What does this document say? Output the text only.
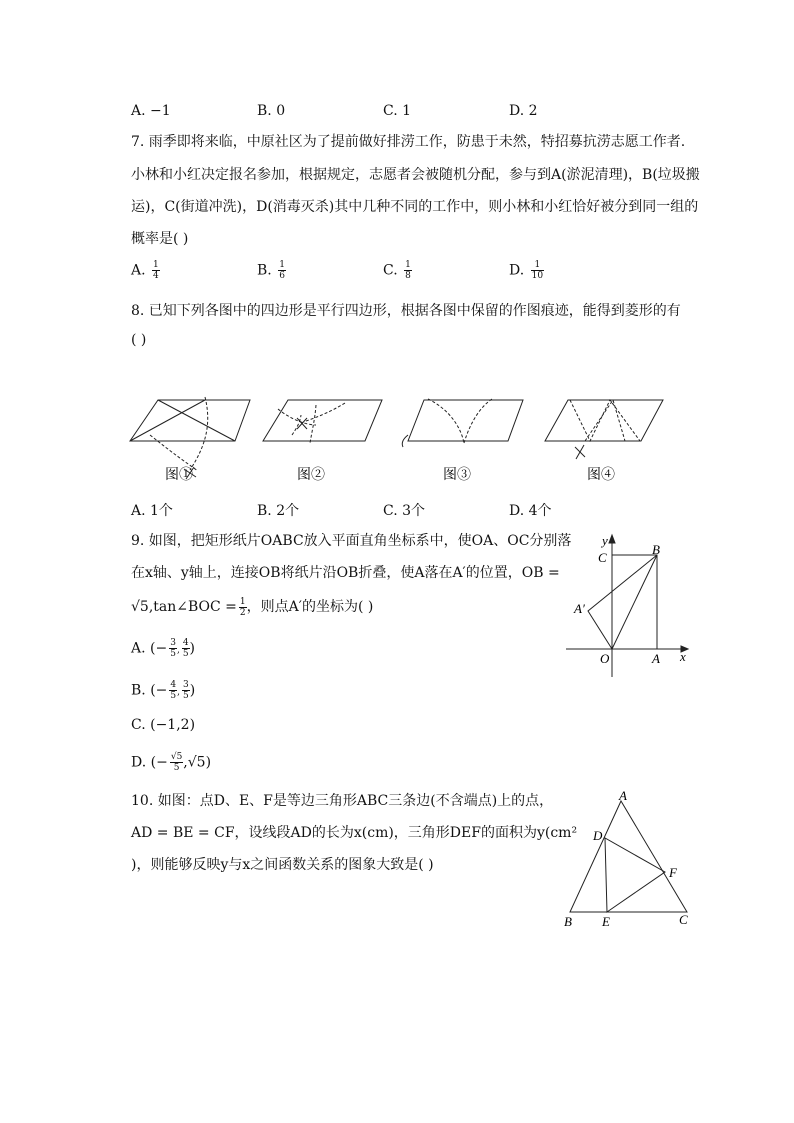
A. −1	B. 0	C. 1	D. 2
7. 雨季即将来临，中原社区为了提前做好排涝工作，防患于未然，特招募抗涝志愿工作者.
小林和小红决定报名参加，根据规定，志愿者会被随机分配，参与到A(淤泥清理)，B(垃圾搬
运)，C(街道冲洗)，D(消毒灭杀)其中几种不同的工作中，则小林和小红恰好被分到同一组的
概率是( )
A. $\frac{1}{4}$	B. $\frac{1}{6}$	C. $\frac{1}{8}$	D. $\frac{1}{10}$
8. 已知下列各图中的四边形是平行四边形，根据各图中保留的作图痕迹，能得到菱形的有
( )
图①	图②	图③	图④
A. 1个	B. 2个	C. 3个	D. 4个
9. 如图，把矩形纸片OABC放入平面直角坐标系中，使OA、OC分别落
在x轴、y轴上，连接OB将纸片沿OB折叠，使A落在A′的位置，OB =
√5,tan∠BOC = $\frac{1}{2}$ ，则点A′的坐标为( )
A. (− $\frac{3}{5}$ , $\frac{4}{5}$ )
B. (− $\frac{4}{5}$ , $\frac{3}{5}$ )
C. (−1,2)
D. (− $\frac{√5}{5} ,√5$)
y
x
C
B
A′
O	A
10. 如图：点D、E、F是等边三角形ABC三条边(不含端点)上的点，
AD = BE = CF，设线段AD的长为x(cm)，三角形DEF的面积为y(cm²
)，则能够反映y与x之间函数关系的图象大致是( )
A
D
F
B E	C
